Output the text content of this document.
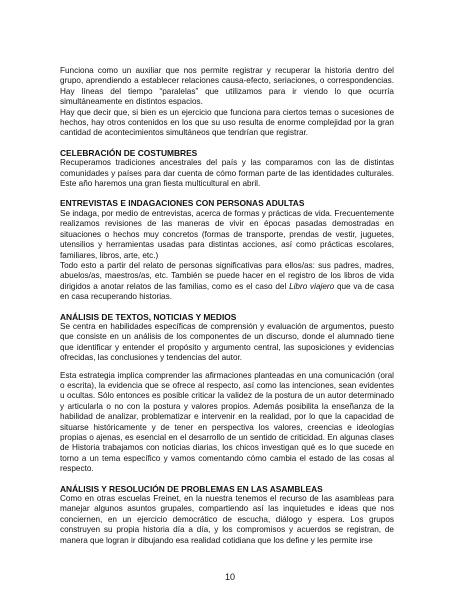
Funciona como un auxiliar que nos permite registrar y recuperar la historia dentro del grupo, aprendiendo a establecer relaciones causa-efecto, seriaciones, o correspondencias. Hay líneas del tiempo “paralelas” que utilizamos para ir viendo lo que ocurría simultáneamente en distintos espacios.

Hay que decir que, si bien es un ejercicio que funciona para ciertos temas o sucesiones de hechos, hay otros contenidos en los que su uso resulta de enorme complejidad por la gran cantidad de acontecimientos simultáneos que tendrían que registrar.

CELEBRACIÓN DE COSTUMBRES

Recuperamos tradiciones ancestrales del país y las comparamos con las de distintas comunidades y países para dar cuenta de cómo forman parte de las identidades culturales. Este año haremos una gran fiesta multicultural en abril.

ENTREVISTAS E INDAGACIONES CON PERSONAS ADULTAS

Se indaga, por medio de entrevistas, acerca de formas y prácticas de vida. Frecuentemente realizamos revisiones de las maneras de vivir en épocas pasadas demostradas en situaciones o hechos muy concretos (formas de transporte, prendas de vestir, juguetes, utensilios y herramientas usadas para distintas acciones, así como prácticas escolares, familiares, libros, arte, etc.)

Todo esto a partir del relato de personas significativas para ellos/as: sus padres, madres, abuelos/as, maestros/as, etc. También se puede hacer en el registro de los libros de vida dirigidos a anotar relatos de las familias, como es el caso del Libro viajero que va de casa en casa recuperando historias.

ANÁLISIS DE TEXTOS, NOTICIAS Y MEDIOS

Se centra en habilidades específicas de comprensión y evaluación de argumentos, puesto que consiste en un análisis de los componentes de un discurso, donde el alumnado tiene que identificar y entender el propósito y argumento central, las suposiciones y evidencias ofrecidas, las conclusiones y tendencias del autor.

Esta estrategia implica comprender las afirmaciones planteadas en una comunicación (oral o escrita), la evidencia que se ofrece al respecto, así como las intenciones, sean evidentes u ocultas. Sólo entonces es posible criticar la validez de la postura de un autor determinado y articularla o no con la postura y valores propios. Además posibilita la enseñanza de la habilidad de analizar, problematizar e intervenir en la realidad, por lo que la capacidad de situarse históricamente y de tener en perspectiva los valores, creencias e ideologías propias o ajenas, es esencial en el desarrollo de un sentido de criticidad. En algunas clases de Historia trabajamos con noticias diarias, los chicos investigan qué es lo que sucede en torno a un tema específico y vamos comentando cómo cambia el estado de las cosas al respecto.

ANÁLISIS Y RESOLUCIÓN DE PROBLEMAS EN LAS ASAMBLEAS

Como en otras escuelas Freinet, en la nuestra tenemos el recurso de las asambleas para manejar algunos asuntos grupales, compartiendo así las inquietudes e ideas que nos conciernen, en un ejercicio democrático de escucha, diálogo y espera. Los grupos construyen su propia historia día a día, y los compromisos y acuerdos se registran, de manera que logran ir dibujando esa realidad cotidiana que los define y les permite irse

10
